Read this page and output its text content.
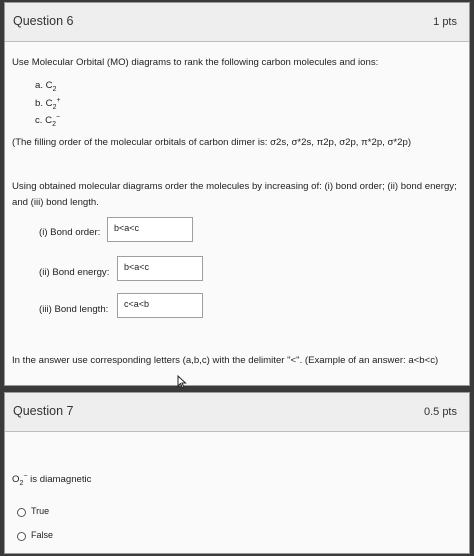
Question 6	1 pts
Use Molecular Orbital (MO) diagrams to rank the following carbon molecules and ions:
a. $C_2$
b. $C_2^+$
c. $C_2^-$
(The filling order of the molecular orbitals of carbon dimer is: σ2s, σ*2s, π2p, σ2p, π*2p, σ*2p)
Using obtained molecular diagrams order the molecules by increasing of: (i) bond order; (ii) bond energy; and (iii) bond length.
(i) Bond order:	b<a<c
(ii) Bond energy:	b<a<c
(iii) Bond length:	c<a<b
In the answer use corresponding letters (a,b,c) with the delimiter "<". (Example of an answer: a<b<c)
Question 7	0.5 pts
$O_2^-$ is diamagnetic
True
False
